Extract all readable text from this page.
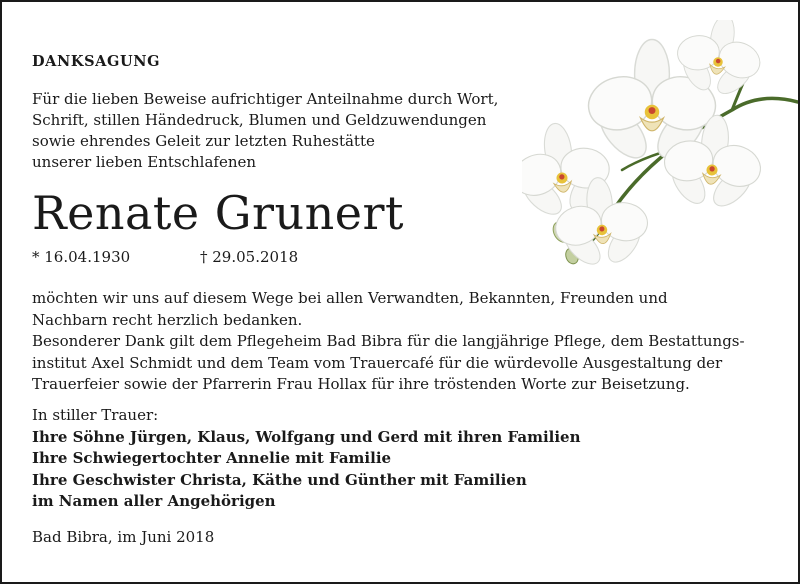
DANKSAGUNG
Für die lieben Beweise aufrichtiger Anteilnahme durch Wort,
Schrift, stillen Händedruck, Blumen und Geldzuwendungen
sowie ehrendes Geleit zur letzten Ruhestätte
unserer lieben Entschlafenen
Renate Grunert
* 16.04.1930	† 29.05.2018
möchten wir uns auf diesem Wege bei allen Verwandten, Bekannten, Freunden und
Nachbarn recht herzlich bedanken.
Besonderer Dank gilt dem Pflegeheim Bad Bibra für die langjährige Pflege, dem Bestattungs-
institut Axel Schmidt und dem Team vom Trauercafé für die würdevolle Ausgestaltung der
Trauerfeier sowie der Pfarrerin Frau Hollax für ihre tröstenden Worte zur Beisetzung.
In stiller Trauer:
Ihre Söhne Jürgen, Klaus, Wolfgang und Gerd mit ihren Familien
Ihre Schwiegertochter Annelie mit Familie
Ihre Geschwister Christa, Käthe und Günther mit Familien
im Namen aller Angehörigen
Bad Bibra, im Juni 2018
